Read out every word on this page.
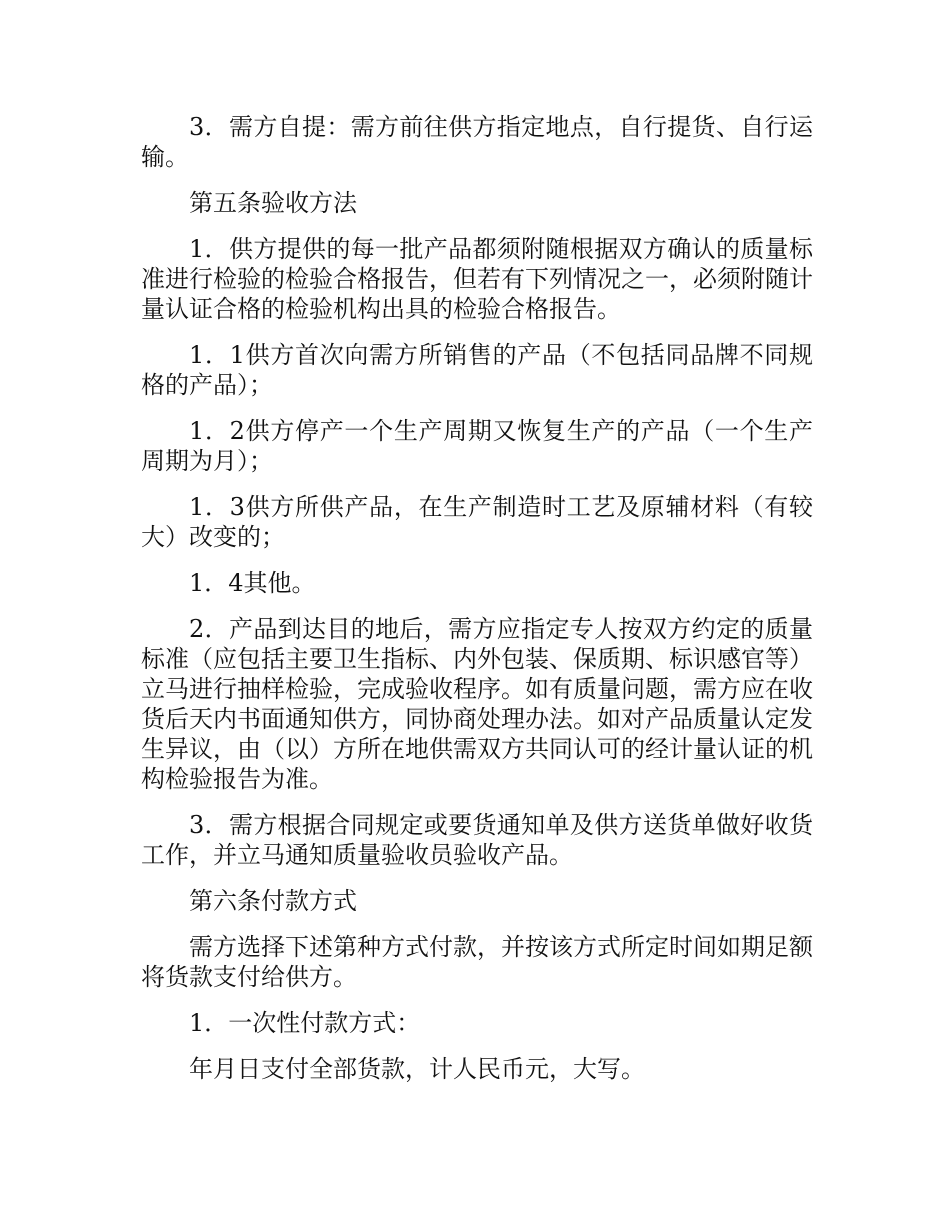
3．需方自提：需方前往供方指定地点，自行提货、自行运输。

第五条验收方法

1．供方提供的每一批产品都须附随根据双方确认的质量标准进行检验的检验合格报告，但若有下列情况之一，必须附随计量认证合格的检验机构出具的检验合格报告。

1．1供方首次向需方所销售的产品（不包括同品牌不同规格的产品）；

1．2供方停产一个生产周期又恢复生产的产品（一个生产周期为月）；

1．3供方所供产品，在生产制造时工艺及原辅材料（有较大）改变的；

1．4其他。

2．产品到达目的地后，需方应指定专人按双方约定的质量标准（应包括主要卫生指标、内外包装、保质期、标识感官等）立马进行抽样检验，完成验收程序。如有质量问题，需方应在收货后天内书面通知供方，同协商处理办法。如对产品质量认定发生异议，由（以）方所在地供需双方共同认可的经计量认证的机构检验报告为准。

3．需方根据合同规定或要货通知单及供方送货单做好收货工作，并立马通知质量验收员验收产品。

第六条付款方式

需方选择下述第种方式付款，并按该方式所定时间如期足额将货款支付给供方。

1．一次性付款方式：

年月日支付全部货款，计人民币元，大写。
